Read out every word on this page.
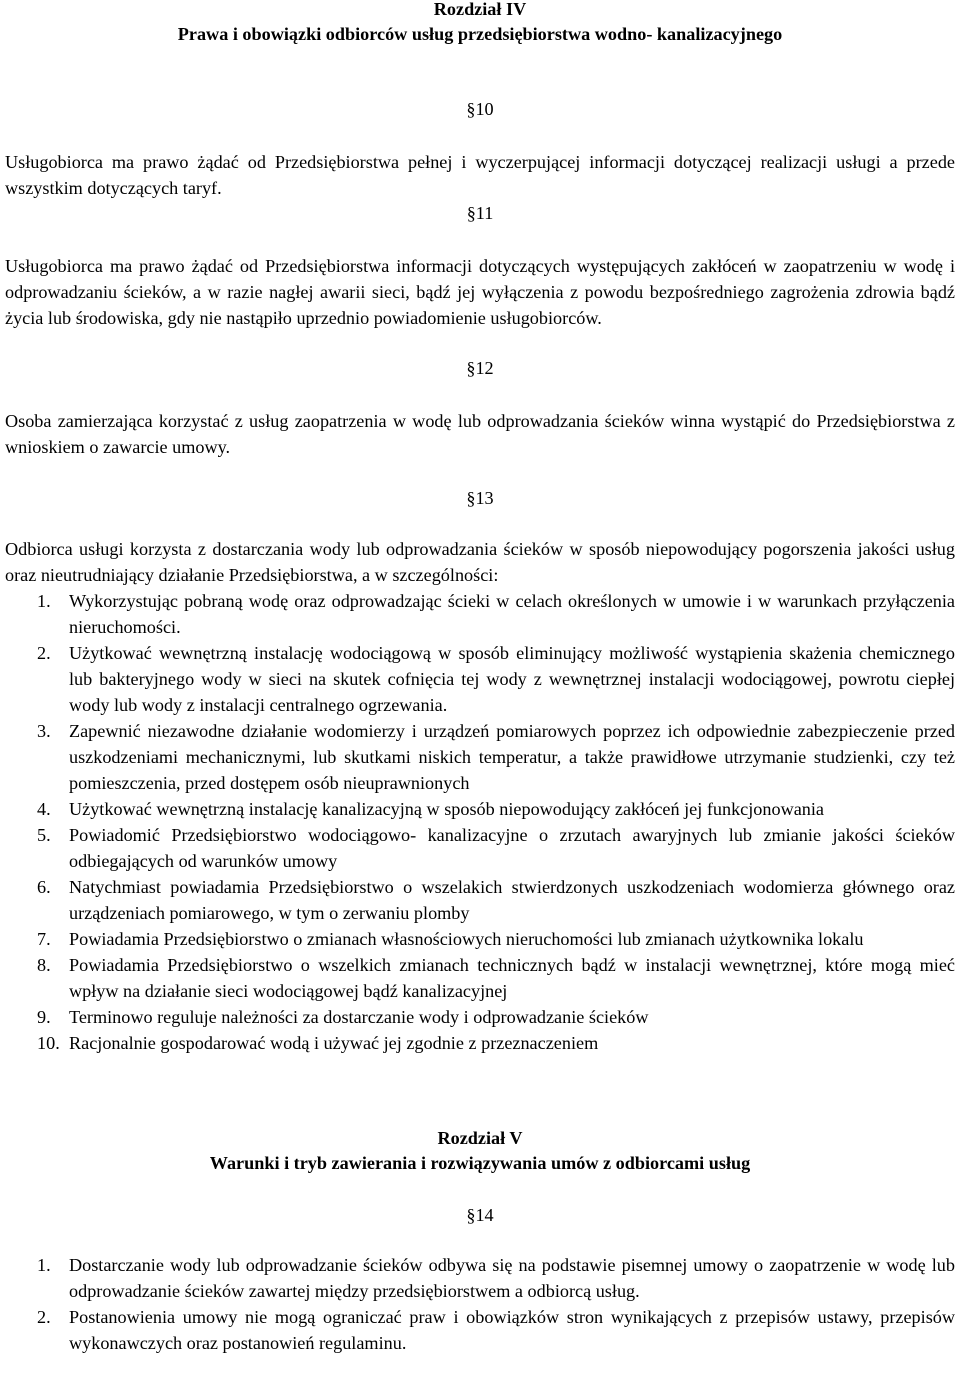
Rozdział IV
Prawa i obowiązki odbiorców usług przedsiębiorstwa wodno- kanalizacyjnego
§10
Usługobiorca ma prawo żądać od Przedsiębiorstwa pełnej i wyczerpującej informacji dotyczącej realizacji usługi a przede wszystkim dotyczących taryf.
§11
Usługobiorca ma prawo żądać od Przedsiębiorstwa informacji dotyczących występujących zakłóceń w zaopatrzeniu w wodę i odprowadzaniu ścieków, a w razie nagłej awarii sieci, bądź jej wyłączenia z powodu bezpośredniego zagrożenia zdrowia bądź życia lub środowiska, gdy nie nastąpiło uprzednio powiadomienie usługobiorców.
§12
Osoba zamierzająca korzystać z usług zaopatrzenia w wodę lub odprowadzania ścieków winna wystąpić do Przedsiębiorstwa z wnioskiem o zawarcie umowy.
§13
Odbiorca usługi korzysta z dostarczania wody lub odprowadzania ścieków w sposób niepowodujący pogorszenia jakości usług oraz nieutrudniający działanie Przedsiębiorstwa, a w szczególności:
1. Wykorzystując pobraną wodę oraz odprowadzając ścieki w celach określonych w umowie i w warunkach przyłączenia nieruchomości.
2. Użytkować wewnętrzną instalację wodociągową w sposób eliminujący możliwość wystąpienia skażenia chemicznego lub bakteryjnego wody w sieci na skutek cofnięcia tej wody z wewnętrznej instalacji wodociągowej, powrotu ciepłej wody lub wody z instalacji centralnego ogrzewania.
3. Zapewnić niezawodne działanie wodomierzy i urządzeń pomiarowych poprzez ich odpowiednie zabezpieczenie przed uszkodzeniami mechanicznymi, lub skutkami niskich temperatur, a także prawidłowe utrzymanie studzienki, czy też pomieszczenia, przed dostępem osób nieuprawnionych
4. Użytkować wewnętrzną instalację kanalizacyjną w sposób niepowodujący zakłóceń jej funkcjonowania
5. Powiadomić Przedsiębiorstwo wodociągowo- kanalizacyjne o zrzutach awaryjnych lub zmianie jakości ścieków odbiegających od warunków umowy
6. Natychmiast powiadamia Przedsiębiorstwo o wszelakich stwierdzonych uszkodzeniach wodomierza głównego oraz urządzeniach pomiarowego, w tym o zerwaniu plomby
7. Powiadamia Przedsiębiorstwo o zmianach własnościowych nieruchomości lub zmianach użytkownika lokalu
8. Powiadamia Przedsiębiorstwo o wszelkich zmianach technicznych bądź w instalacji wewnętrznej, które mogą mieć wpływ na działanie sieci wodociągowej bądź kanalizacyjnej
9. Terminowo reguluje należności za dostarczanie wody i odprowadzanie ścieków
10. Racjonalnie gospodarować wodą i używać jej zgodnie z przeznaczeniem
Rozdział V
Warunki i tryb zawierania i rozwiązywania umów z odbiorcami usług
§14
1. Dostarczanie wody lub odprowadzanie ścieków odbywa się na podstawie pisemnej umowy o zaopatrzenie w wodę lub odprowadzanie ścieków zawartej między przedsiębiorstwem a odbiorcą usług.
2. Postanowienia umowy nie mogą ograniczać praw i obowiązków stron wynikających z przepisów ustawy, przepisów wykonawczych oraz postanowień regulaminu.
